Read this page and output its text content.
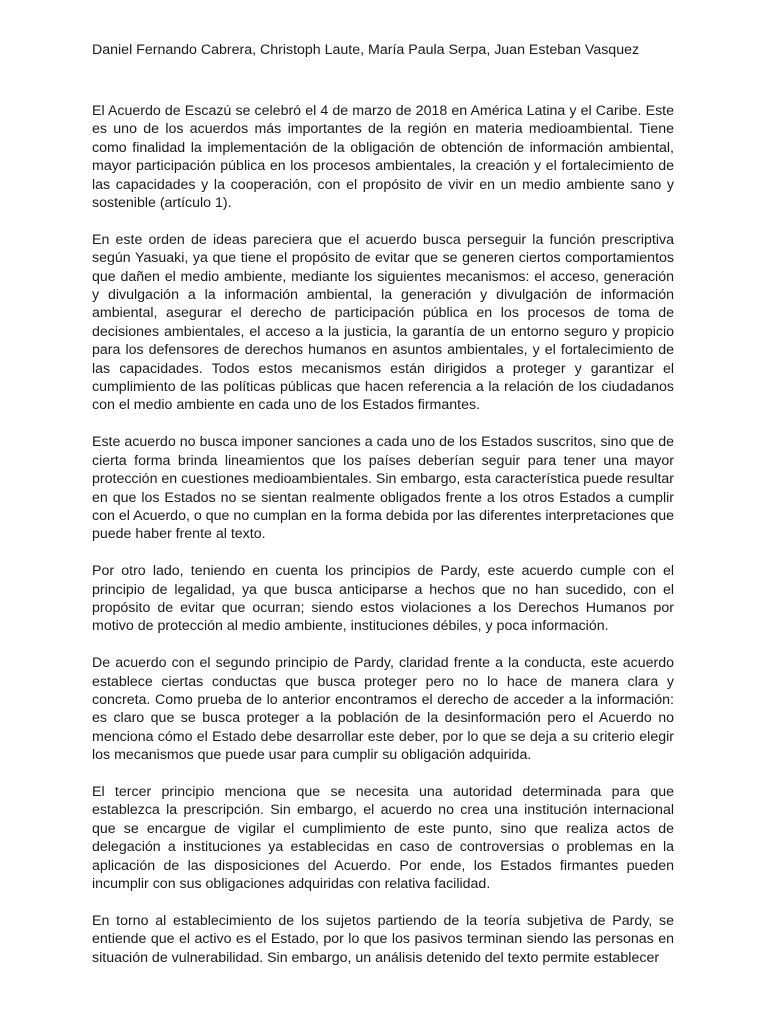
Daniel Fernando Cabrera, Christoph Laute, María Paula Serpa, Juan Esteban Vasquez

El Acuerdo de Escazú se celebró el 4 de marzo de 2018 en América Latina y el Caribe. Este es uno de los acuerdos más importantes de la región en materia medioambiental. Tiene como finalidad la implementación de la obligación de obtención de información ambiental, mayor participación pública en los procesos ambientales, la creación y el fortalecimiento de las capacidades y la cooperación, con el propósito de vivir en un medio ambiente sano y sostenible (artículo 1).

En este orden de ideas pareciera que el acuerdo busca perseguir la función prescriptiva según Yasuaki, ya que tiene el propósito de evitar que se generen ciertos comportamientos que dañen el medio ambiente, mediante los siguientes mecanismos: el acceso, generación y divulgación a la información ambiental, la generación y divulgación de información ambiental, asegurar el derecho de participación pública en los procesos de toma de decisiones ambientales, el acceso a la justicia, la garantía de un entorno seguro y propicio para los defensores de derechos humanos en asuntos ambientales, y el fortalecimiento de las capacidades. Todos estos mecanismos están dirigidos a proteger y garantizar el cumplimiento de las políticas públicas que hacen referencia a la relación de los ciudadanos con el medio ambiente en cada uno de los Estados firmantes.

Este acuerdo no busca imponer sanciones a cada uno de los Estados suscritos, sino que de cierta forma brinda lineamientos que los países deberían seguir para tener una mayor protección en cuestiones medioambientales. Sin embargo, esta característica puede resultar en que los Estados no se sientan realmente obligados frente a los otros Estados a cumplir con el Acuerdo, o que no cumplan en la forma debida por las diferentes interpretaciones que puede haber frente al texto.

Por otro lado, teniendo en cuenta los principios de Pardy, este acuerdo cumple con el principio de legalidad, ya que busca anticiparse a hechos que no han sucedido, con el propósito de evitar que ocurran; siendo estos violaciones a los Derechos Humanos por motivo de protección al medio ambiente, instituciones débiles, y poca información.

De acuerdo con el segundo principio de Pardy, claridad frente a la conducta, este acuerdo establece ciertas conductas que busca proteger pero no lo hace de manera clara y concreta. Como prueba de lo anterior encontramos el derecho de acceder a la información: es claro que se busca proteger a la población de la desinformación pero el Acuerdo no menciona cómo el Estado debe desarrollar este deber, por lo que se deja a su criterio elegir los mecanismos que puede usar para cumplir su obligación adquirida.

El tercer principio menciona que se necesita una autoridad determinada para que establezca la prescripción. Sin embargo, el acuerdo no crea una institución internacional que se encargue de vigilar el cumplimiento de este punto, sino que realiza actos de delegación a instituciones ya establecidas en caso de controversias o problemas en la aplicación de las disposiciones del Acuerdo. Por ende, los Estados firmantes pueden incumplir con sus obligaciones adquiridas con relativa facilidad.

En torno al establecimiento de los sujetos partiendo de la teoría subjetiva de Pardy, se entiende que el activo es el Estado, por lo que los pasivos terminan siendo las personas en situación de vulnerabilidad. Sin embargo, un análisis detenido del texto permite establecer
